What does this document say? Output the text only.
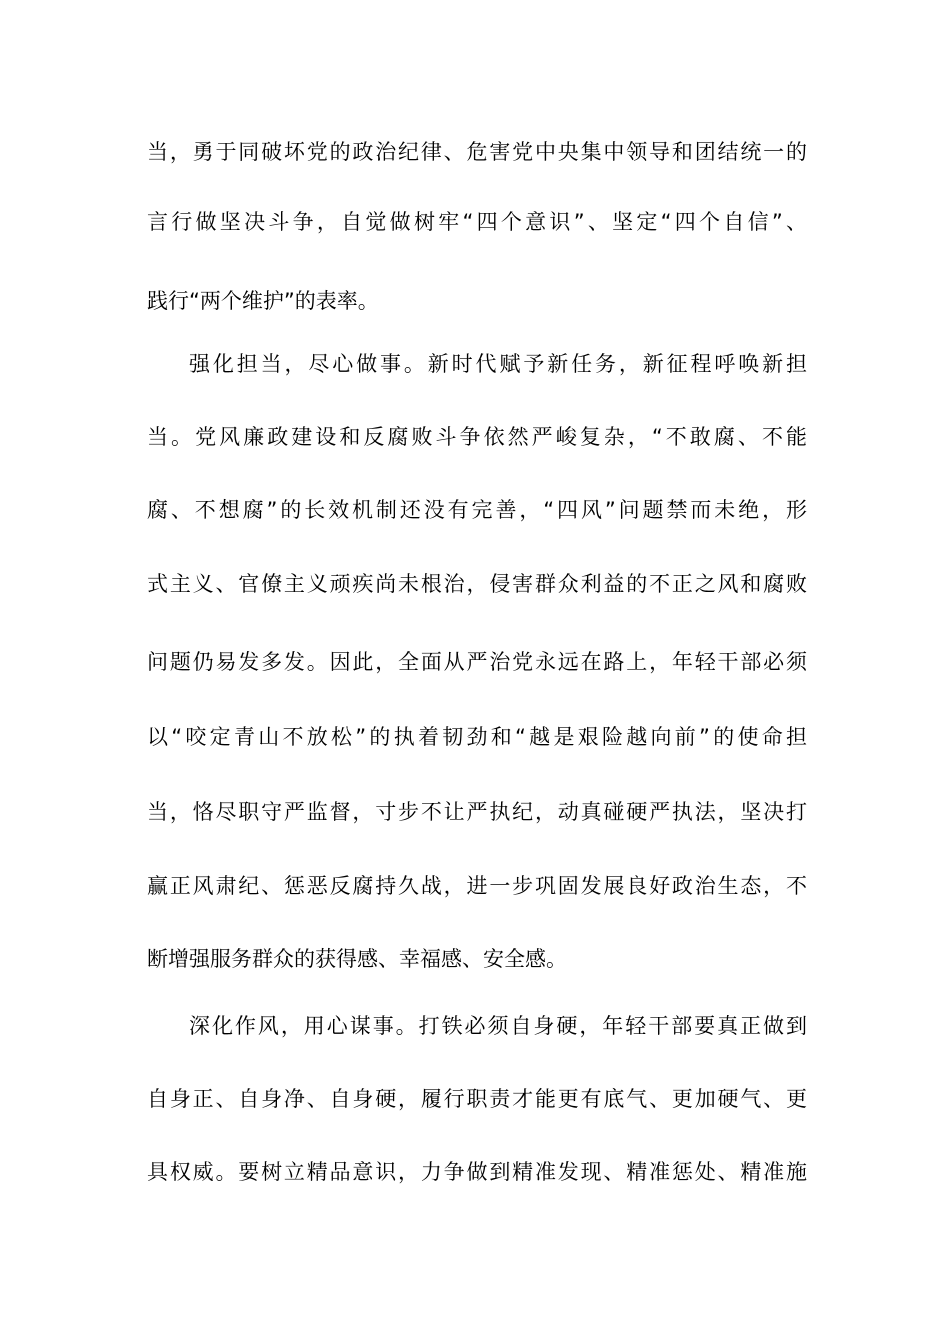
当，勇于同破坏党的政治纪律、危害党中央集中领导和团结统一的
言行做坚决斗争，自觉做树牢“四个意识”、坚定“四个自信”、
践行“两个维护”的表率。
强化担当，尽心做事。新时代赋予新任务，新征程呼唤新担
当。党风廉政建设和反腐败斗争依然严峻复杂，“不敢腐、不能
腐、不想腐”的长效机制还没有完善，“四风”问题禁而未绝，形
式主义、官僚主义顽疾尚未根治，侵害群众利益的不正之风和腐败
问题仍易发多发。因此，全面从严治党永远在路上，年轻干部必须
以“咬定青山不放松”的执着韧劲和“越是艰险越向前”的使命担
当，恪尽职守严监督，寸步不让严执纪，动真碰硬严执法，坚决打
赢正风肃纪、惩恶反腐持久战，进一步巩固发展良好政治生态，不
断增强服务群众的获得感、幸福感、安全感。
深化作风，用心谋事。打铁必须自身硬，年轻干部要真正做到
自身正、自身净、自身硬，履行职责才能更有底气、更加硬气、更
具权威。要树立精品意识，力争做到精准发现、精准惩处、精准施
